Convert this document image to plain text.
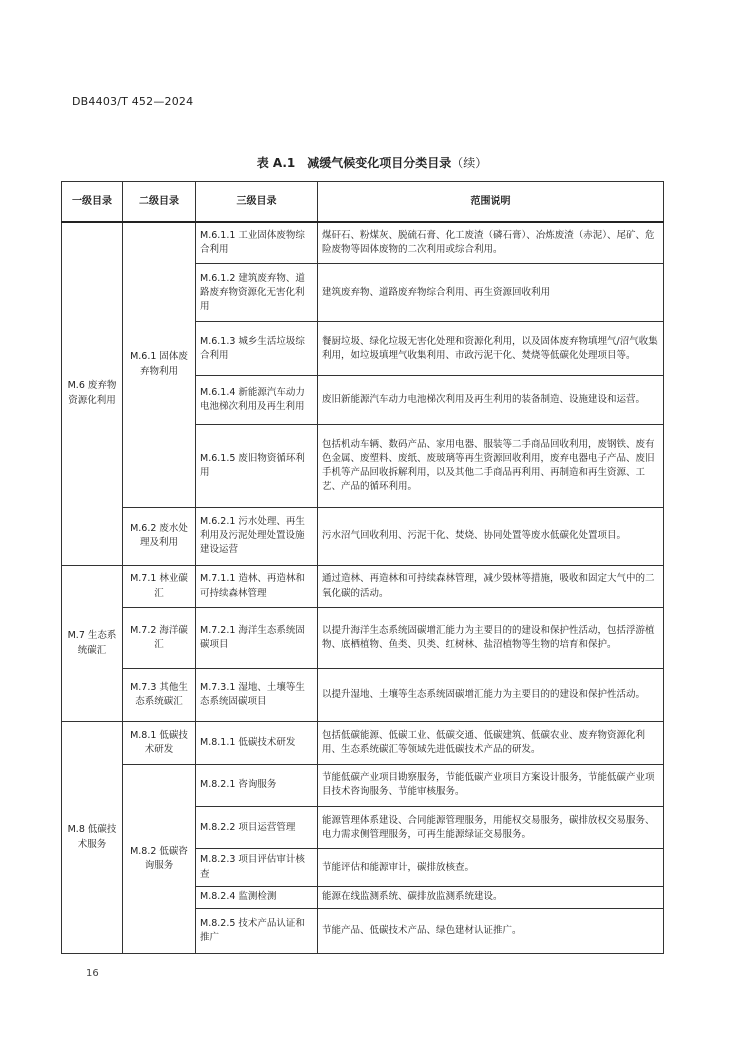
DB4403/T 452—2024
表 A.1　减缓气候变化项目分类目录（续）
一级目录	二级目录	三级目录	范围说明
M.6 废弃物资源化利用	M.6.1 固体废弃物利用	M.6.1.1 工业固体废物综合利用	煤矸石、粉煤灰、脱硫石膏、化工废渣（磷石膏）、冶炼废渣（赤泥）、尾矿、危险废物等固体废物的二次利用或综合利用。
		M.6.1.2 建筑废弃物、道路废弃物资源化无害化利用	建筑废弃物、道路废弃物综合利用、再生资源回收利用
		M.6.1.3 城乡生活垃圾综合利用	餐厨垃圾、绿化垃圾无害化处理和资源化利用，以及固体废弃物填埋气/沼气收集利用，如垃圾填埋气收集利用、市政污泥干化、焚烧等低碳化处理项目等。
		M.6.1.4 新能源汽车动力电池梯次利用及再生利用	废旧新能源汽车动力电池梯次利用及再生利用的装备制造、设施建设和运营。
		M.6.1.5 废旧物资循环利用	包括机动车辆、数码产品、家用电器、服装等二手商品回收利用，废钢铁、废有色金属、废塑料、废纸、废玻璃等再生资源回收利用，废弃电器电子产品、废旧手机等产品回收拆解利用，以及其他二手商品再利用、再制造和再生资源、工艺、产品的循环利用。
	M.6.2 废水处理及利用	M.6.2.1 污水处理、再生利用及污泥处理处置设施建设运营	污水沼气回收利用、污泥干化、焚烧、协同处置等废水低碳化处置项目。
M.7 生态系统碳汇	M.7.1 林业碳汇	M.7.1.1 造林、再造林和可持续森林管理	通过造林、再造林和可持续森林管理，减少毁林等措施，吸收和固定大气中的二氧化碳的活动。
	M.7.2 海洋碳汇	M.7.2.1 海洋生态系统固碳项目	以提升海洋生态系统固碳增汇能力为主要目的的建设和保护性活动，包括浮游植物、底栖植物、鱼类、贝类、红树林、盐沼植物等生物的培育和保护。
	M.7.3 其他生态系统碳汇	M.7.3.1 湿地、土壤等生态系统固碳项目	以提升湿地、土壤等生态系统固碳增汇能力为主要目的的建设和保护性活动。
M.8 低碳技术服务	M.8.1 低碳技术研发	M.8.1.1 低碳技术研发	包括低碳能源、低碳工业、低碳交通、低碳建筑、低碳农业、废弃物资源化利用、生态系统碳汇等领域先进低碳技术产品的研发。
	M.8.2 低碳咨询服务	M.8.2.1 咨询服务	节能低碳产业项目勘察服务，节能低碳产业项目方案设计服务，节能低碳产业项目技术咨询服务、节能审核服务。
		M.8.2.2 项目运营管理	能源管理体系建设、合同能源管理服务，用能权交易服务，碳排放权交易服务、电力需求侧管理服务，可再生能源绿证交易服务。
		M.8.2.3 项目评估审计核查	节能评估和能源审计，碳排放核查。
		M.8.2.4 监测检测	能源在线监测系统、碳排放监测系统建设。
		M.8.2.5 技术产品认证和推广	节能产品、低碳技术产品、绿色建材认证推广。
16
